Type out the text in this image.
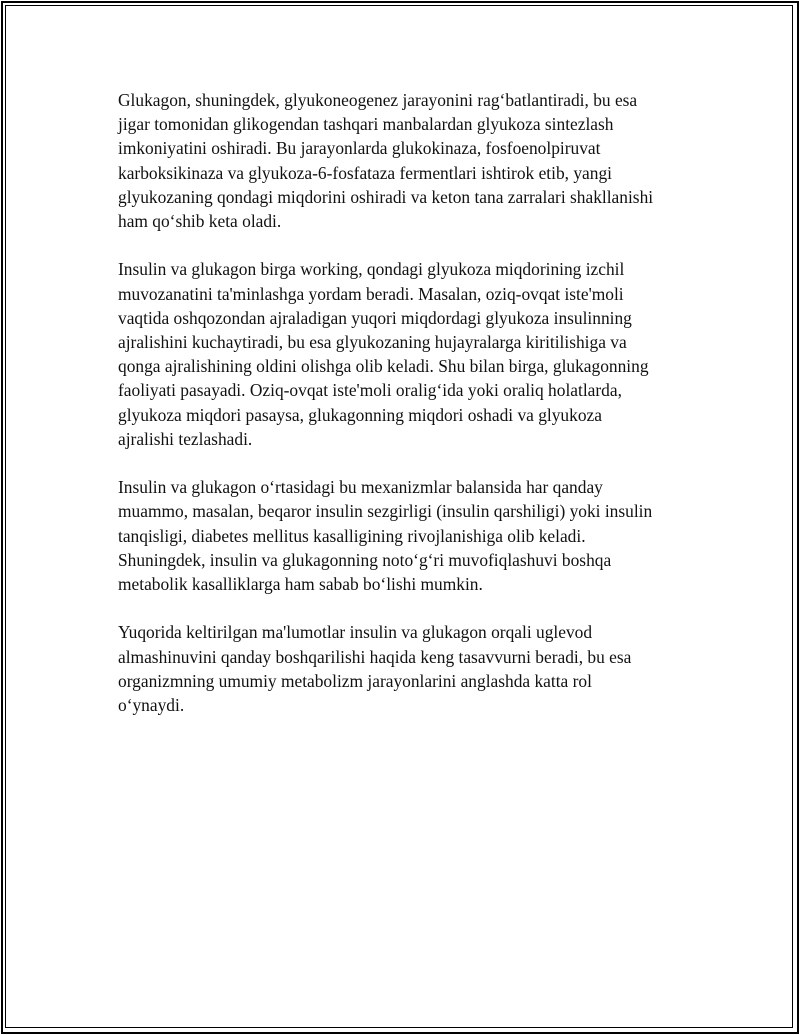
Glukagon, shuningdek, glyukoneogenez jarayonini rag‘batlantiradi, bu esa
jigar tomonidan glikogendan tashqari manbalardan glyukoza sintezlash
imkoniyatini oshiradi. Bu jarayonlarda glukokinaza, fosfoenolpiruvat
karboksikinaza va glyukoza-6-fosfataza fermentlari ishtirok etib, yangi
glyukozaning qondagi miqdorini oshiradi va keton tana zarralari shakllanishi
ham qo‘shib keta oladi.

Insulin va glukagon birga working, qondagi glyukoza miqdorining izchil
muvozanatini ta'minlashga yordam beradi. Masalan, oziq-ovqat iste'moli
vaqtida oshqozondan ajraladigan yuqori miqdordagi glyukoza insulinning
ajralishini kuchaytiradi, bu esa glyukozaning hujayralarga kiritilishiga va
qonga ajralishining oldini olishga olib keladi. Shu bilan birga, glukagonning
faoliyati pasayadi. Oziq-ovqat iste'moli oralig‘ida yoki oraliq holatlarda,
glyukoza miqdori pasaysa, glukagonning miqdori oshadi va glyukoza
ajralishi tezlashadi.

Insulin va glukagon o‘rtasidagi bu mexanizmlar balansida har qanday
muammo, masalan, beqaror insulin sezgirligi (insulin qarshiligi) yoki insulin
tanqisligi, diabetes mellitus kasalligining rivojlanishiga olib keladi.
Shuningdek, insulin va glukagonning noto‘g‘ri muvofiqlashuvi boshqa
metabolik kasalliklarga ham sabab bo‘lishi mumkin.

Yuqorida keltirilgan ma'lumotlar insulin va glukagon orqali uglevod
almashinuvini qanday boshqarilishi haqida keng tasavvurni beradi, bu esa
organizmning umumiy metabolizm jarayonlarini anglashda katta rol
o‘ynaydi.
